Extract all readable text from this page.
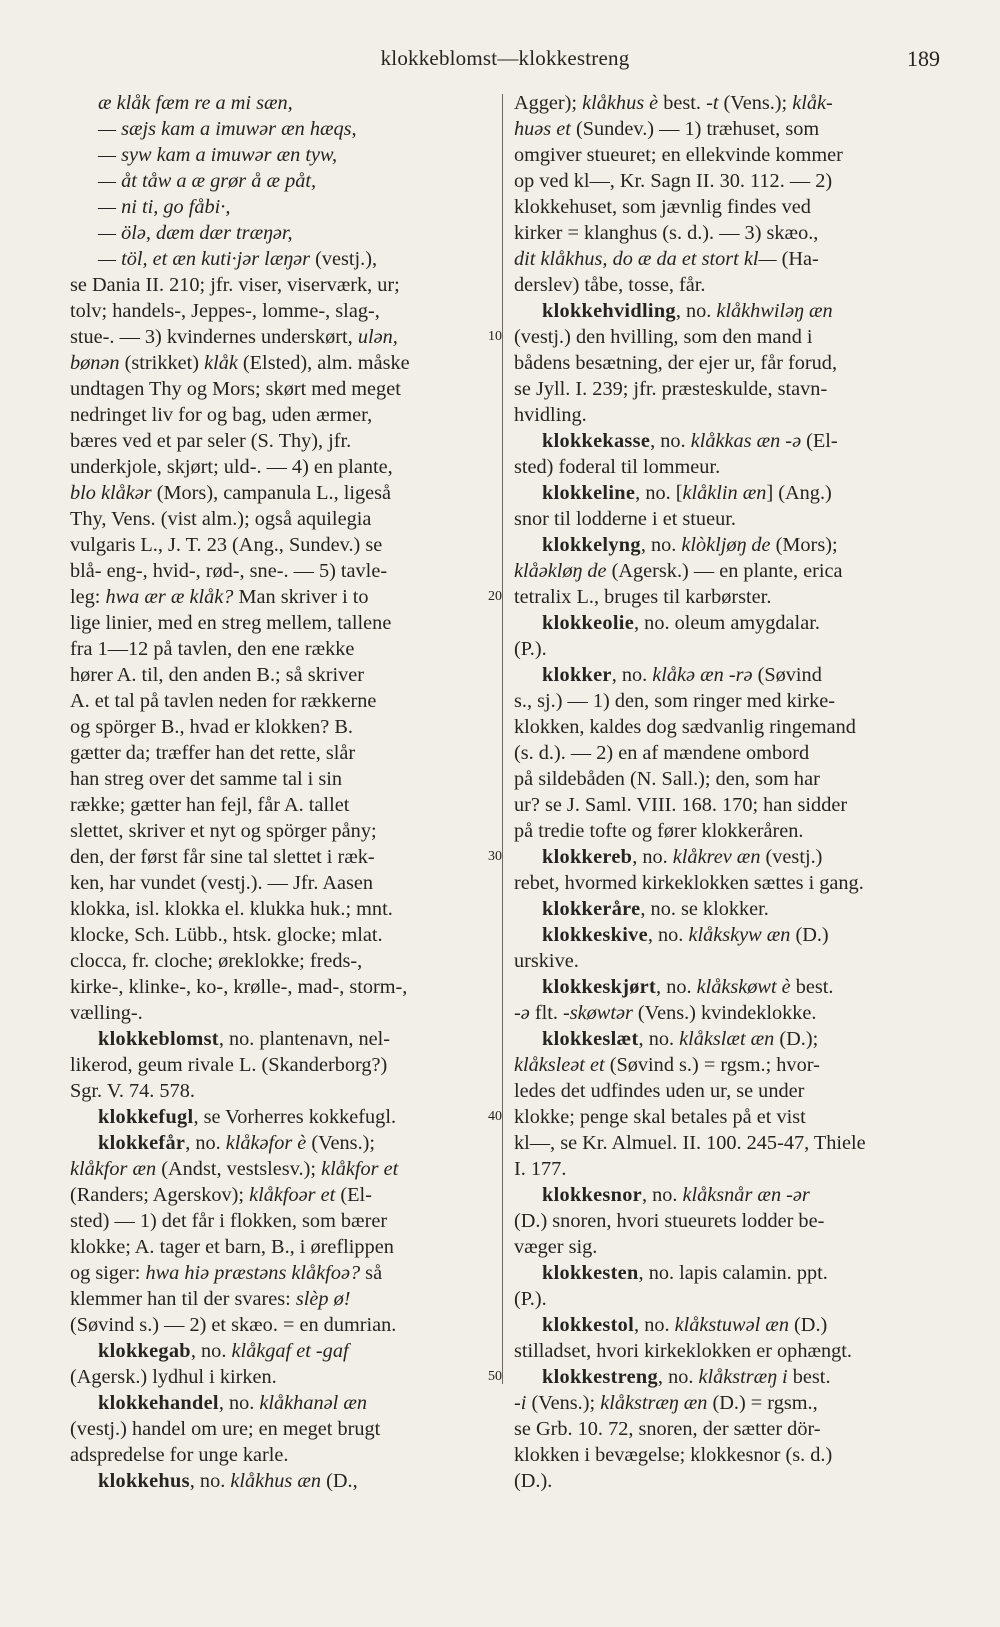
klokkeblomst—klokkestreng	189
æ klåk fæm re a mi sæn,
— sæjs kam a imuwər æn hæqs,
— syw kam a imuwər æn tyw,
— åt tåw a æ grør å æ påt,
— ni ti, go fåbi·,
— ölə, dæm dær træŋər,
— töl, et æn kuti·jər læŋər (vestj.),
se Dania II. 210; jfr. viser, viserværk, ur;
tolv; handels-, Jeppes-, lomme-, slag-,
stue-. — 3) kvindernes underskørt, ulən,
bønən (strikket) klåk (Elsted), alm. måske
undtagen Thy og Mors; skørt med meget
nedringet liv for og bag, uden ærmer,
bæres ved et par seler (S. Thy), jfr.
underkjole, skjørt; uld-. — 4) en plante,
blo klåkər (Mors), campanula L., ligeså
Thy, Vens. (vist alm.); også aquilegia
vulgaris L., J. T. 23 (Ang., Sundev.) se
blå- eng-, hvid-, rød-, sne-. — 5) tavle-
leg: hwa ær æ klåk? Man skriver i to
lige linier, med en streg mellem, tallene
fra 1—12 på tavlen, den ene række
hører A. til, den anden B.; så skriver
A. et tal på tavlen neden for rækkerne
og spörger B., hvad er klokken? B.
gætter da; træffer han det rette, slår
han streg over det samme tal i sin
række; gætter han fejl, får A. tallet
slettet, skriver et nyt og spörger påny;
den, der først får sine tal slettet i ræk-
ken, har vundet (vestj.). — Jfr. Aasen
klokka, isl. klokka el. klukka huk.; mnt.
klocke, Sch. Lübb., htsk. glocke; mlat.
clocca, fr. cloche; øreklokke; freds-,
kirke-, klinke-, ko-, krølle-, mad-, storm-,
vælling-.
klokkeblomst, no. plantenavn, nel-
likerod, geum rivale L. (Skanderborg?)
Sgr. V. 74. 578.
klokkefugl, se Vorherres kokkefugl.
klokkefår, no. klåkəfor è (Vens.);
klåkfor æn (Andst, vestslesv.); klåkfor et
(Randers; Agerskov); klåkfoər et (El-
sted) — 1) det får i flokken, som bærer
klokke; A. tager et barn, B., i øreflippen
og siger: hwa hiə præstəns klåkfoə? så
klemmer han til der svares: slèp ø!
(Søvind s.) — 2) et skæo. = en dumrian.
klokkegab, no. klåkgaf et -gaf
(Agersk.) lydhul i kirken.
klokkehandel, no. klåkhanəl æn
(vestj.) handel om ure; en meget brugt
adspredelse for unge karle.
klokkehus, no. klåkhus æn (D.,
10
20
30
40
50
Agger); klåkhus è best. -t (Vens.); klåk-
huəs et (Sundev.) — 1) træhuset, som
omgiver stueuret; en ellekvinde kommer
op ved kl—, Kr. Sagn II. 30. 112. — 2)
klokkehuset, som jævnlig findes ved
kirker = klanghus (s. d.). — 3) skæo.,
dit klåkhus, do æ da et stort kl— (Ha-
derslev) tåbe, tosse, får.
klokkehvidling, no. klåkhwiləŋ æn
(vestj.) den hvilling, som den mand i
bådens besætning, der ejer ur, får forud,
se Jyll. I. 239; jfr. præsteskulde, stavn-
hvidling.
klokkekasse, no. klåkkas æn -ə (El-
sted) foderal til lommeur.
klokkeline, no. [klåklin æn] (Ang.)
snor til lodderne i et stueur.
klokkelyng, no. klòkljøŋ de (Mors);
klåəkløŋ de (Agersk.) — en plante, erica
tetralix L., bruges til karbørster.
klokkeolie, no. oleum amygdalar.
(P.).
klokker, no. klåkə æn -rə (Søvind
s., sj.) — 1) den, som ringer med kirke-
klokken, kaldes dog sædvanlig ringemand
(s. d.). — 2) en af mændene ombord
på sildebåden (N. Sall.); den, som har
ur? se J. Saml. VIII. 168. 170; han sidder
på tredie tofte og fører klokkeråren.
klokkereb, no. klåkrev æn (vestj.)
rebet, hvormed kirkeklokken sættes i gang.
klokkeråre, no. se klokker.
klokkeskive, no. klåkskyw æn (D.)
urskive.
klokkeskjørt, no. klåkskøwt è best.
-ə flt. -skøwtər (Vens.) kvindeklokke.
klokkeslæt, no. klåkslæt æn (D.);
klåksleət et (Søvind s.) = rgsm.; hvor-
ledes det udfindes uden ur, se under
klokke; penge skal betales på et vist
kl—, se Kr. Almuel. II. 100. 245-47, Thiele
I. 177.
klokkesnor, no. klåksnår æn -ər
(D.) snoren, hvori stueurets lodder be-
væger sig.
klokkesten, no. lapis calamin. ppt.
(P.).
klokkestol, no. klåkstuwəl æn (D.)
stilladset, hvori kirkeklokken er ophængt.
klokkestreng, no. klåkstræŋ i best.
-i (Vens.); klåkstræŋ æn (D.) = rgsm.,
se Grb. 10. 72, snoren, der sætter dör-
klokken i bevægelse; klokkesnor (s. d.)
(D.).
